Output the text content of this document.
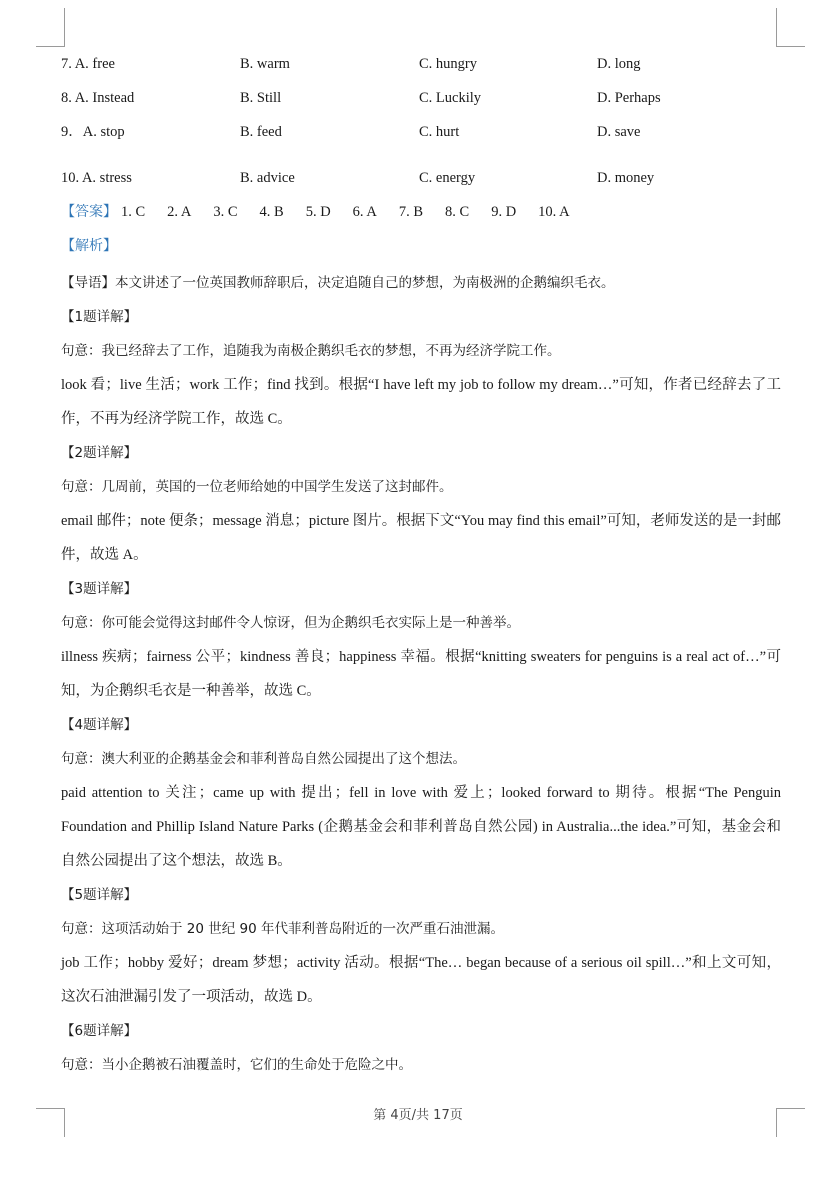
7. A. free	B. warm	C. hungry	D. long
8. A. Instead	B. Still	C. Luckily	D. Perhaps
9．A. stop	B. feed	C. hurt	D. save
10. A. stress	B. advice	C. energy	D. money
【答案】 1. C 2. A 3. C 4. B 5. D 6. A 7. B 8. C 9. D 10. A
【解析】

【导语】本文讲述了一位英国教师辞职后，决定追随自己的梦想，为南极洲的企鹅编织毛衣。

【1题详解】

句意：我已经辞去了工作，追随我为南极企鹅织毛衣的梦想，不再为经济学院工作。

look 看；live 生活；work 工作；find 找到。根据“I have left my job to follow my dream…”可知，作者已经辞去了工作，不再为经济学院工作，故选 C。

【2题详解】

句意：几周前，英国的一位老师给她的中国学生发送了这封邮件。

email 邮件；note 便条；message 消息；picture 图片。根据下文“You may find this email”可知，老师发送的是一封邮件，故选 A。

【3题详解】

句意：你可能会觉得这封邮件令人惊讶，但为企鹅织毛衣实际上是一种善举。

illness 疾病；fairness 公平；kindness 善良；happiness 幸福。根据“knitting sweaters for penguins is a real act of…”可知，为企鹅织毛衣是一种善举，故选 C。

【4题详解】

句意：澳大利亚的企鹅基金会和菲利普岛自然公园提出了这个想法。

paid attention to 关注；came up with 提出；fell in love with 爱上；looked forward to 期待。根据“The Penguin Foundation and Phillip Island Nature Parks (企鹅基金会和菲利普岛自然公园) in Australia...the idea.”可知，基金会和自然公园提出了这个想法，故选 B。

【5题详解】

句意：这项活动始于 20 世纪 90 年代菲利普岛附近的一次严重石油泄漏。

job 工作；hobby 爱好；dream 梦想；activity 活动。根据“The… began because of a serious oil spill…”和上文可知，这次石油泄漏引发了一项活动，故选 D。

【6题详解】

句意：当小企鹅被石油覆盖时，它们的生命处于危险之中。

第 4页/共 17页
